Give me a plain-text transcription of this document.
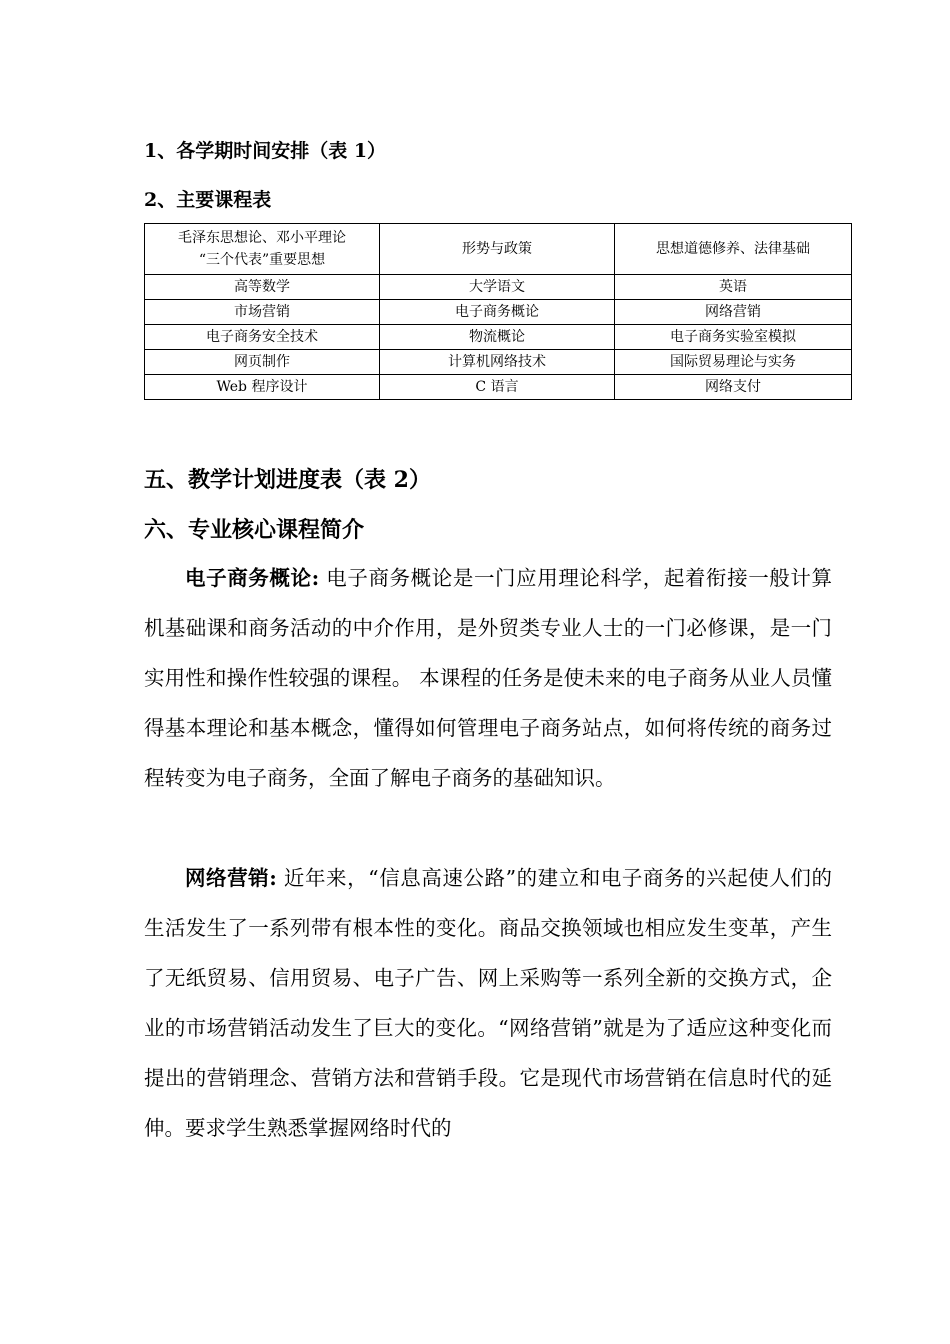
1、各学期时间安排（表 1）
2、主要课程表
毛泽东思想论、邓小平理论
“三个代表”重要思想	形势与政策	思想道德修养、法律基础
高等数学	大学语文	英语
市场营销	电子商务概论	网络营销
电子商务安全技术	物流概论	电子商务实验室模拟
网页制作	计算机网络技术	国际贸易理论与实务
Web 程序设计	C 语言	网络支付
五、教学计划进度表（表 2）
六、专业核心课程简介

电子商务概论: 电子商务概论是一门应用理论科学，起着衔接一般计算机基础课和商务活动的中介作用，是外贸类专业人士的一门必修课，是一门实用性和操作性较强的课程。 本课程的任务是使未来的电子商务从业人员懂得基本理论和基本概念，懂得如何管理电子商务站点，如何将传统的商务过程转变为电子商务，全面了解电子商务的基础知识。

网络营销: 近年来，“信息高速公路”的建立和电子商务的兴起使人们的生活发生了一系列带有根本性的变化。商品交换领域也相应发生变革，产生了无纸贸易、信用贸易、电子广告、网上采购等一系列全新的交换方式，企业的市场营销活动发生了巨大的变化。“网络营销”就是为了适应这种变化而提出的营销理念、营销方法和营销手段。它是现代市场营销在信息时代的延伸。要求学生熟悉掌握网络时代的
